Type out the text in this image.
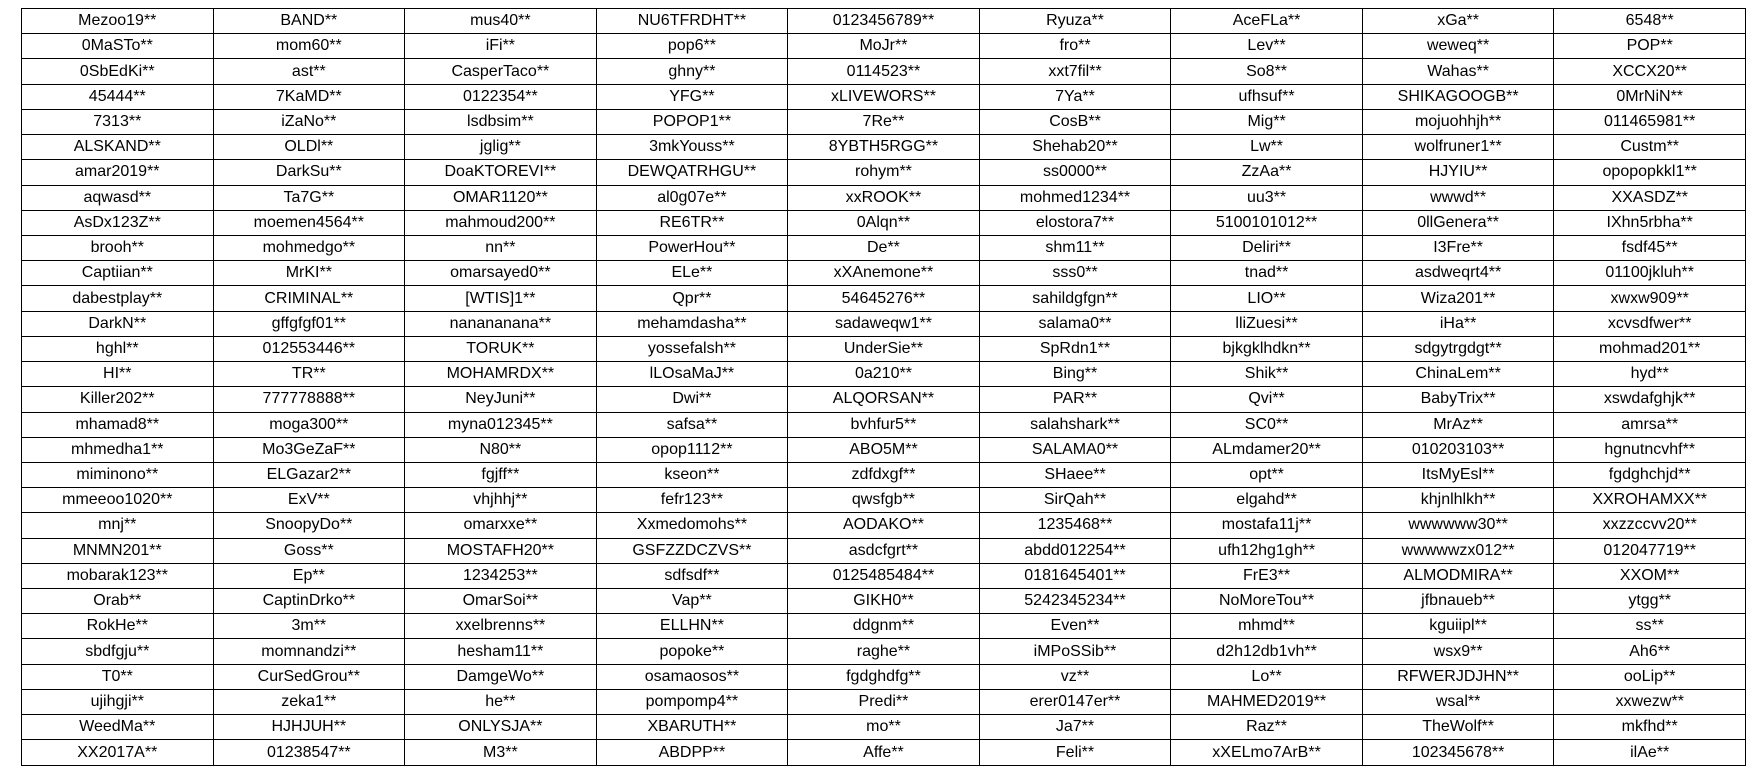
Mezoo19**	BAND**	mus40**	NU6TFRDHT**	0123456789**	Ryuza**	AceFLa**	xGa**	6548**
0MaSTo**	mom60**	iFi**	pop6**	MoJr**	fro**	Lev**	weweq**	POP**
0SbEdKi**	ast**	CasperTaco**	ghny**	0114523**	xxt7fil**	So8**	Wahas**	XCCX20**
45444**	7KaMD**	0122354**	YFG**	xLIVEWORS**	7Ya**	ufhsuf**	SHIKAGOOGB**	0MrNiN**
7313**	iZaNo**	lsdbsim**	POPOP1**	7Re**	CosB**	Mig**	mojuohhjh**	011465981**
ALSKAND**	OLDl**	jglig**	3mkYouss**	8YBTH5RGG**	Shehab20**	Lw**	wolfruner1**	Custm**
amar2019**	DarkSu**	DoaKTOREVI**	DEWQATRHGU**	rohym**	ss0000**	ZzAa**	HJYIU**	opopopkkl1**
aqwasd**	Ta7G**	OMAR1120**	al0g07e**	xxROOK**	mohmed1234**	uu3**	wwwd**	XXASDZ**
AsDx123Z**	moemen4564**	mahmoud200**	RE6TR**	0Alqn**	elostora7**	5100101012**	0llGenera**	IXhn5rbha**
brooh**	mohmedgo**	nn**	PowerHou**	De**	shm11**	Deliri**	I3Fre**	fsdf45**
Captiian**	MrKI**	omarsayed0**	ELe**	xXAnemone**	sss0**	tnad**	asdweqrt4**	01100jkluh**
dabestplay**	CRIMINAL**	[WTIS]1**	Qpr**	54645276**	sahildgfgn**	LIO**	Wiza201**	xwxw909**
DarkN**	gffgfgf01**	nanananana**	mehamdasha**	sadaweqw1**	salama0**	lliZuesi**	iHa**	xcvsdfwer**
hghl**	012553446**	TORUK**	yossefalsh**	UnderSie**	SpRdn1**	bjkgklhdkn**	sdgytrgdgt**	mohmad201**
HI**	TR**	MOHAMRDX**	lLOsaMaJ**	0a210**	Bing**	Shik**	ChinaLem**	hyd**
Killer202**	777778888**	NeyJuni**	Dwi**	ALQORSAN**	PAR**	Qvi**	BabyTrix**	xswdafghjk**
mhamad8**	moga300**	myna012345**	safsa**	bvhfur5**	salahshark**	SC0**	MrAz**	amrsa**
mhmedha1**	Mo3GeZaF**	N80**	opop1112**	ABO5M**	SALAMA0**	ALmdamer20**	010203103**	hgnutncvhf**
miminono**	ELGazar2**	fgjff**	kseon**	zdfdxgf**	SHaee**	opt**	ItsMyEsl**	fgdghchjd**
mmeeoo1020**	ExV**	vhjhhj**	fefr123**	qwsfgb**	SirQah**	elgahd**	khjnlhlkh**	XXROHAMXX**
mnj**	SnoopyDo**	omarxxe**	Xxmedomohs**	AODAKO**	1235468**	mostafa11j**	wwwwww30**	xxzzccvv20**
MNMN201**	Goss**	MOSTAFH20**	GSFZZDCZVS**	asdcfgrt**	abdd012254**	ufh12hg1gh**	wwwwwzx012**	012047719**
mobarak123**	Ep**	1234253**	sdfsdf**	0125485484**	0181645401**	FrE3**	ALMODMIRA**	XXOM**
Orab**	CaptinDrko**	OmarSoi**	Vap**	GIKH0**	5242345234**	NoMoreTou**	jfbnaueb**	ytgg**
RokHe**	3m**	xxelbrenns**	ELLHN**	ddgnm**	Even**	mhmd**	kguiipl**	ss**
sbdfgju**	momnandzi**	hesham11**	popoke**	raghe**	iMPoSSib**	d2h12db1vh**	wsx9**	Ah6**
T0**	CurSedGrou**	DamgeWo**	osamaosos**	fgdghdfg**	vz**	Lo**	RFWERJDJHN**	ooLip**
ujihgji**	zeka1**	he**	pompomp4**	Predi**	erer0147er**	MAHMED2019**	wsal**	xxwezw**
WeedMa**	HJHJUH**	ONLYSJA**	XBARUTH**	mo**	Ja7**	Raz**	TheWolf**	mkfhd**
XX2017A**	01238547**	M3**	ABDPP**	Affe**	Feli**	xXELmo7ArB**	102345678**	ilAe**
